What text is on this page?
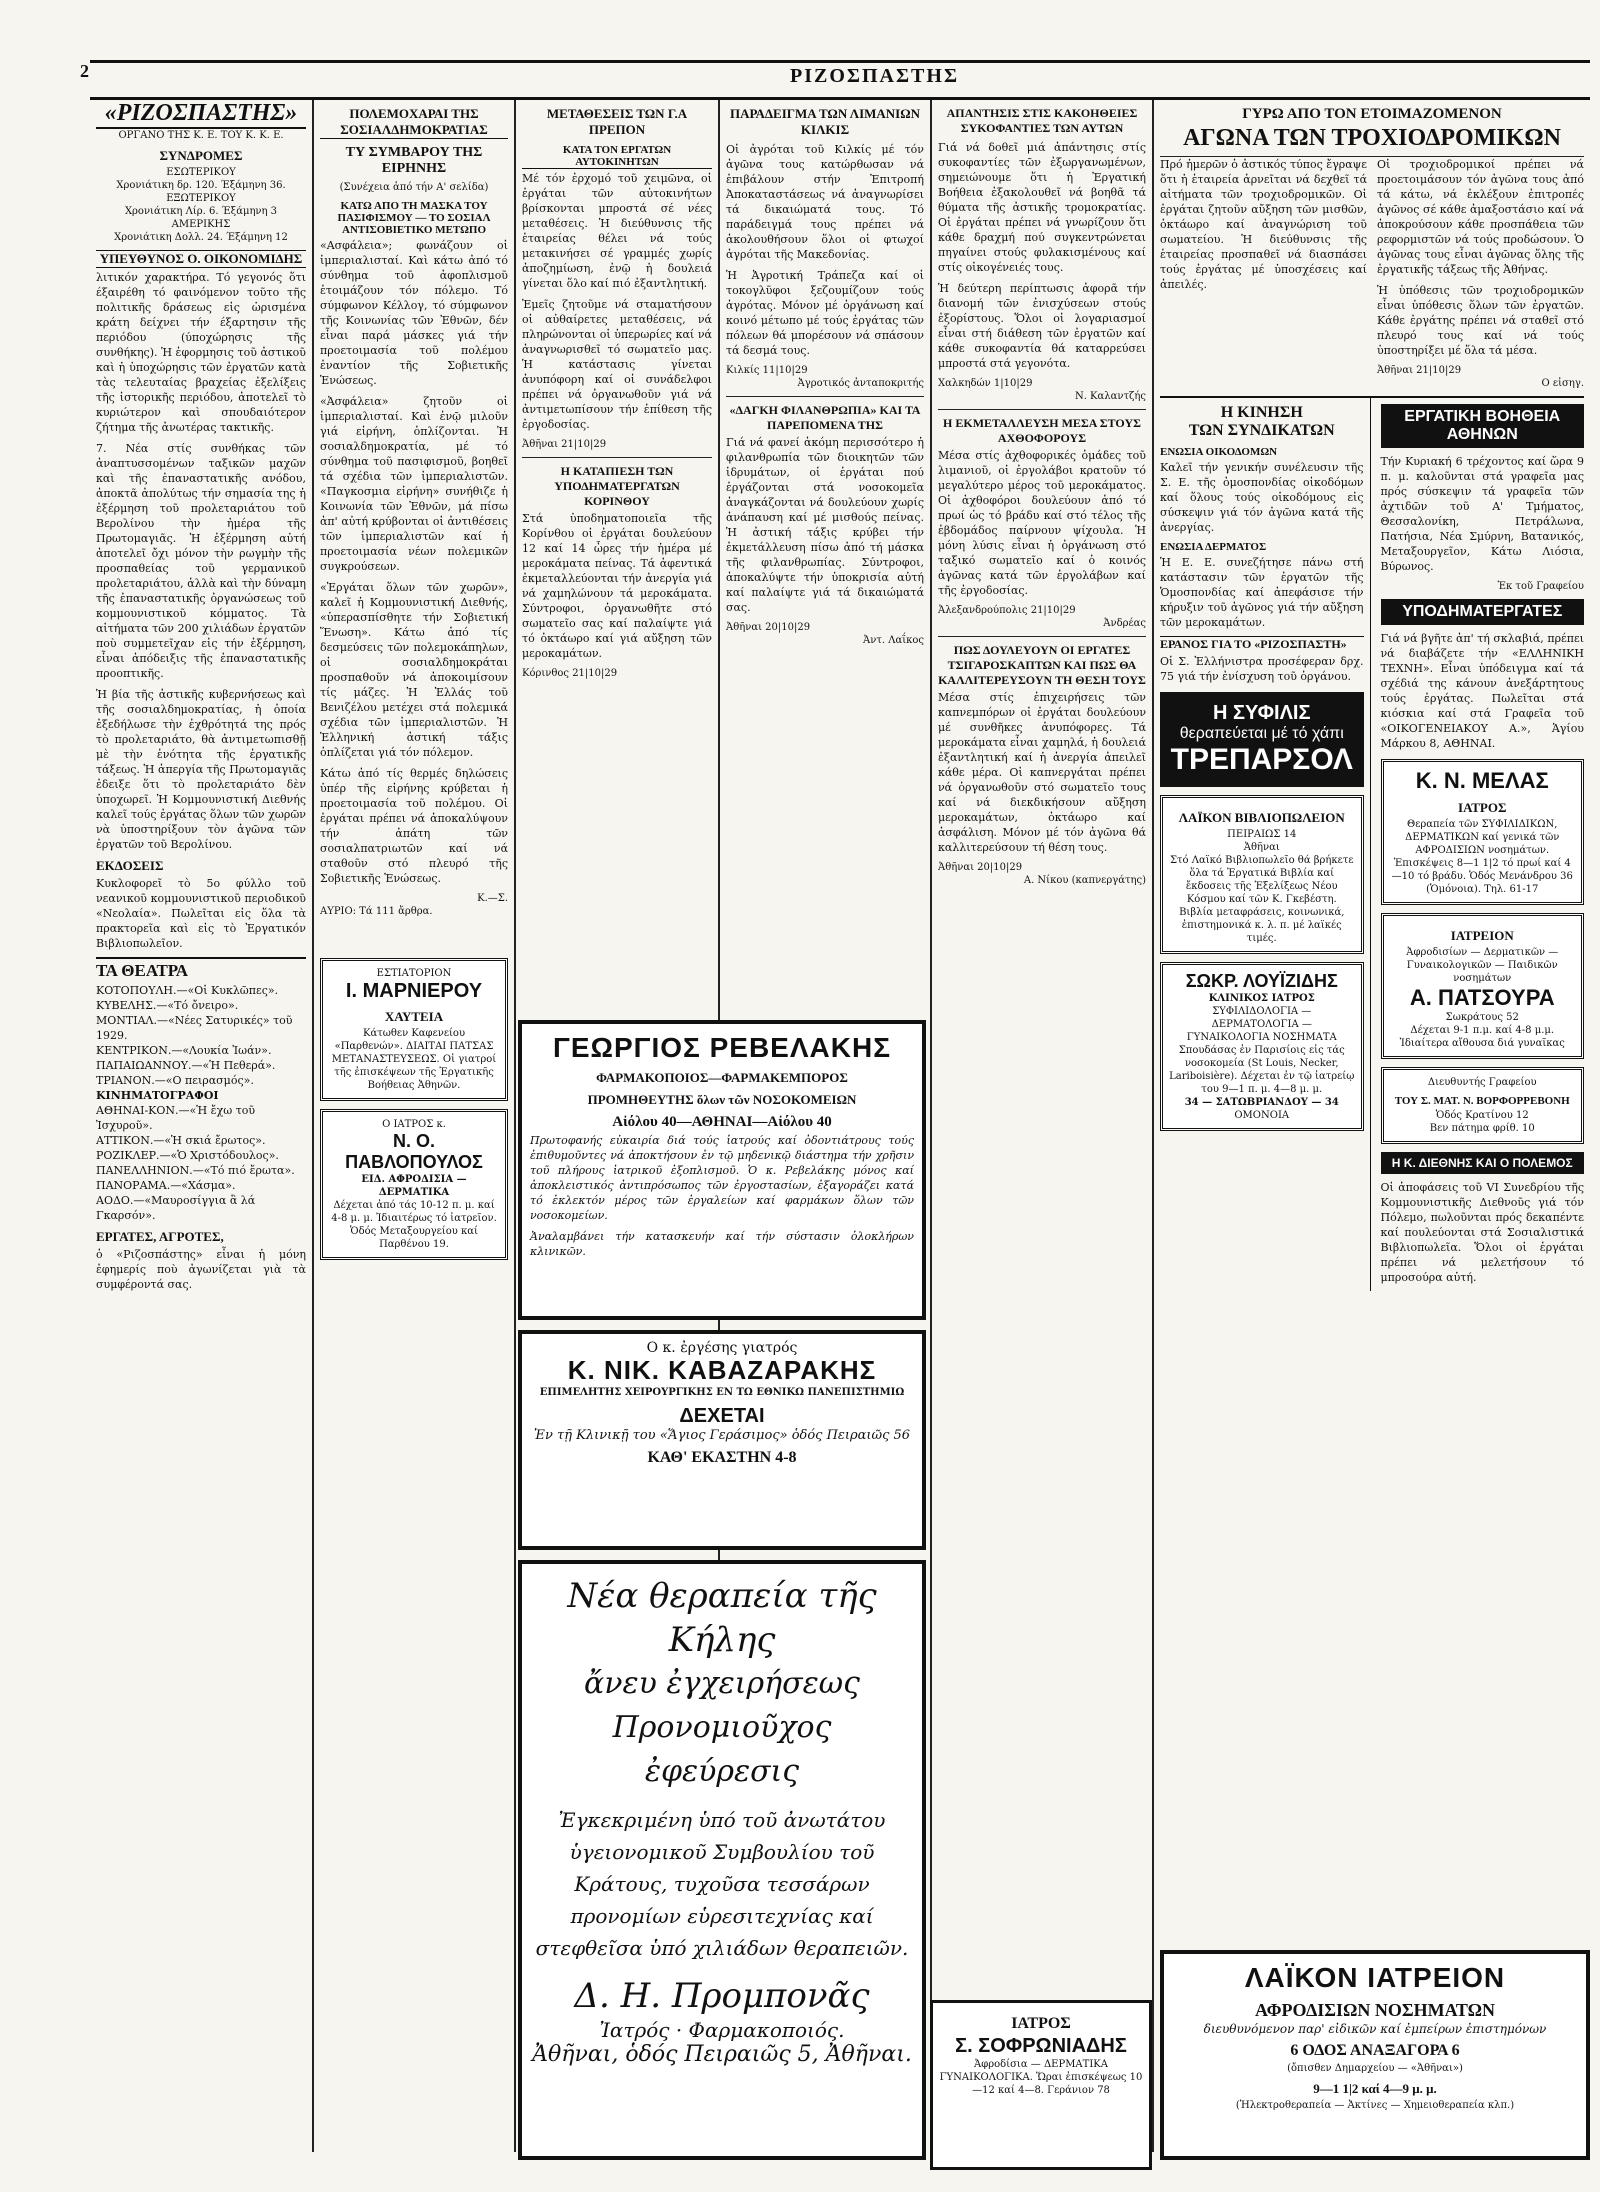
2	ΡΙΖΟΣΠΑΣΤΗΣ
«ΡΙΖΟΣΠΑΣΤΗΣ»
ΟΡΓΑΝΟ ΤΗΣ Κ. Ε. ΤΟΥ Κ. Κ. Ε.
ΣΥΝΔΡΟΜΕΣ
ΕΣΩΤΕΡΙΚΟΥ
Χρονιάτικη δρ. 120. Έξάμηνη 36.
ΕΞΩΤΕΡΙΚΟΥ
Χρονιάτικη Λίρ. 6. Έξάμηνη 3
ΑΜΕΡΙΚΗΣ
Χρονιάτικη Δολλ. 24. Έξάμηνη 12
ΥΠΕΥΘΥΝΟΣ Ο. ΟΙΚΟΝΟΜΙΔΗΣ

λιτικόν χαρακτήρα. Τό γεγονός ὅτι έξαιρέθη τό φαινόμενον τοῦτο τῆς πολιτικῆς δράσεως εἰς ὡρισμένα κράτη δείχνει τήν έξαρτησιν τῆς περιόδου (ύποχώρησις τῆς συνθήκης). Ἡ ἐφορμησις τοῦ ἀστικοῦ καὶ ἡ ὑποχώρησις τῶν ἐργατῶν κατὰ τὰς τελευταίας βραχείας ἐξελίξεις τῆς ἰστορικῆς περιόδου, ἀποτελεῖ τὸ κυριώτερον καὶ σπουδαιότερον ζήτημα τῆς ἀνωτέρας τακτικῆς.

7. Νέα στίς συνθήκας τῶν ἀναπτυσσομένων ταξικῶν μαχῶν καὶ τῆς ἐπαναστατικῆς ανόδου, ἀποκτᾶ ἀπολύτως τήν σημασία της ἡ ἐξέρμηση τοῦ προλεταριάτου τοῦ Βερολίνου τὴν ἡμέρα τῆς Πρωτομαγιᾶς. Ἡ ἐξέρμηση αὐτή ἀποτελεῖ ὄχι μόνον τὴν ρωγμὴν τῆς προσπαθείας τοῦ γερμανικοῦ προλεταριάτου, ἀλλὰ καὶ τὴν δύναμη τῆς ἐπαναστατικῆς ὀργανώσεως τοῦ κομμουνιστικοῦ κόμματος. Τὰ αἰτήματα τῶν 200 χιλιάδων ἐργατῶν ποὺ συμμετεῖχαν εἰς τήν ἐξέρμηση, εἶναι ἀπόδειξις τῆς ἐπαναστατικῆς προοπτικῆς.

Ἡ βία τῆς ἀστικῆς κυβερνήσεως καὶ τῆς σοσιαλδημοκρατίας, ἡ ὁποία ἐξεδήλωσε τὴν ἐχθρότητά της πρός τὸ προλεταριάτο, θὰ ἀντιμετωπισθῇ μὲ τὴν ἑνότητα τῆς ἐργατικῆς τάξεως. Ἡ ἀπεργία τῆς Πρωτομαγιᾶς ἐδειξε ὅτι τὸ προλεταριάτο δὲν ὑποχωρεῖ. Ἡ Κομμουνιστική Διεθνής καλεῖ τούς ἐργάτας ὅλων τῶν χωρῶν νὰ ὑποστηρίξουν τὸν ἀγῶνα τῶν ἐργατῶν τοῦ Βερολίνου.

ΕΚΔΟΣΕΙΣ

Κυκλοφορεῖ τὸ 5ο φύλλο τοῦ νεανικοῦ κομμουνιστικοῦ περιοδικοῦ «Νεολαία». Πωλεῖται εἰς ὅλα τὰ πρακτορεῖα καὶ εἰς τὸ Ἐργατικόν Βιβλιοπωλεῖον.

ΤΑ ΘΕΑΤΡΑ
ΚΟΤΟΠΟΥΛΗ.—«Οἱ Κυκλῶπες».
ΚΥΒΕΛΗΣ.—«Τό ὄνειρο».
ΜΟΝΤΙΑΛ.—«Νέες Σατυρικές» τοῦ 1929.
ΚΕΝΤΡΙΚΟΝ.—«Λουκία Ἰωάν».
ΠΑΠΑΙΩΑΝΝΟΥ.—«Ἡ Πεθερά».
ΤΡΙΑΝΟΝ.—«Ο πειρασμός».
ΚΙΝΗΜΑΤΟΓΡΑΦΟΙ
ΑΘΗΝΑΙ-ΚΟΝ.—«Ἡ ἔχω τοῦ Ἰσχυροῦ».
ΑΤΤΙΚΟΝ.—«Ἡ σκιά ἔρωτος».
ΡΟΖΙΚΛΕΡ.—«Ὁ Χριστόδουλος».
ΠΑΝΕΛΛΗΝΙΟΝ.—«Τό πιό ἔρωτα».
ΠΑΝΟΡΑΜΑ.—«Χάσμα».
ΑΟΔΟ.—«Μαυροσίγγια ἃ λά Γκαρσόν».
ΕΡΓΑΤΕΣ, ΑΓΡΟΤΕΣ,

ὁ «Ριζοσπάστης» εἶναι ἡ μόνη ἐφημερίς ποὺ ἀγωνίζεται γιὰ τὰ συμφέροντά σας.

ΠΟΛΕΜΟΧΑΡΑΙ ΤΗΣ ΣΟΣΙΑΛΔΗΜΟΚΡΑΤΙΑΣ
ΤΥ ΣΥΜΒΑΡΟΥ ΤΗΣ ΕΙΡΗΝΗΣ
(Συνέχεια ἀπό τήν Α' σελίδα)
ΚΑΤΩ ΑΠΟ ΤΗ ΜΑΣΚΑ ΤΟΥ ΠΑΣΙΦΙΣΜΟΥ — ΤΟ ΣΟΣΙΑΛ ΑΝΤΙΣΟΒΙΕΤΙΚΟ ΜΕΤΩΠΟ

«Ασφάλεια»; φωνάζουν οἱ ἰμπεριαλισταί. Καὶ κάτω ἀπό τό σύνθημα τοῦ ἀφοπλισμοῦ ἑτοιμάζουν τόν πόλεμο. Τό σύμφωνον Κέλλογ, τό σύμφωνον τῆς Κοινωνίας τῶν Ἐθνῶν, δέν εἶναι παρά μάσκες γιά τήν προετοιμασία τοῦ πολέμου ἐναντίον τῆς Σοβιετικῆς Ἑνώσεως.

«Ἀσφάλεια» ζητοῦν οἱ ἰμπεριαλισταί. Καὶ ἐνῷ μιλοῦν γιά εἰρήνη, ὁπλίζονται. Ἡ σοσιαλδημοκρατία, μέ τό σύνθημα τοῦ πασιφισμοῦ, βοηθεῖ τά σχέδια τῶν ἰμπεριαλιστῶν. «Παγκοσμια εἰρήνη» συνήθιζε ἡ Κοινωνία τῶν Ἐθνῶν, μά πίσω ἀπ' αὐτή κρύβονται οἱ ἀντιθέσεις τῶν ἰμπεριαλιστῶν καί ἡ προετοιμασία νέων πολεμικῶν συγκρούσεων.

«Ἐργάται ὅλων τῶν χωρῶν», καλεῖ ἡ Κομμουνιστική Διεθνής, «ὑπερασπίσθητε τήν Σοβιετική Ἕνωση». Κάτω ἀπό τίς δεσμεύσεις τῶν πολεμοκάπηλων, οἱ σοσιαλδημοκράται προσπαθοῦν νά ἀποκοιμίσουν τίς μάζες. Ἡ Ἑλλάς τοῦ Βενιζέλου μετέχει στά πολεμικά σχέδια τῶν ἰμπεριαλιστῶν. Ἡ Ἑλληνική ἀστική τάξις ὁπλίζεται γιά τόν πόλεμον.

Κάτω ἀπό τίς θερμές δηλώσεις ὑπέρ τῆς εἰρήνης κρύβεται ἡ προετοιμασία τοῦ πολέμου. Οἱ ἐργάται πρέπει νά ἀποκαλύψουν τήν ἀπάτη τῶν σοσιαλπατριωτῶν καί νά σταθοῦν στό πλευρό τῆς Σοβιετικῆς Ἑνώσεως.

Κ.—Σ.
ΑΥΡΙΟ: Τά 111 ἄρθρα.
ΕΣΤΙΑΤΟΡΙΟΝ
Ι. ΜΑΡΝΙΕΡΟΥ
ΧΑΥΤΕΙΑ
Κάτωθεν Καφενείου «Παρθενών». ΔΙΑΙΤΑΙ ΠΑΤΣΑΣ ΜΕΤΑΝΑΣΤΕΥΣΕΩΣ. Οἱ γιατροί τῆς ἐπισκέψεων τῆς Ἐργατικῆς Βοήθειας Ἀθηνῶν.
Ο ΙΑΤΡΟΣ κ.
Ν. Ο. ΠΑΒΛΟΠΟΥΛΟΣ
ΕΙΔ. ΑΦΡΟΔΙΣΙΑ — ΔΕΡΜΑΤΙΚΑ
Δέχεται ἀπό τάς 10-12 π. μ. καί 4-8 μ. μ. Ἰδιαιτέρως τό ἰατρεῖον. Ὁδός Μεταξουργείου καί Παρθένου 19.
ΜΕΤΑΘΕΣΕΙΣ ΤΩΝ Γ.Α ΠΡΕΠΟΝ
ΚΑΤΑ ΤΟΝ ΕΡΓΑΤΩΝ ΑΥΤΟΚΙΝΗΤΩΝ

Μέ τόν ἐρχομό τοῦ χειμῶνα, οἱ ἐργάται τῶν αὐτοκινήτων βρίσκονται μπροστά σέ νέες μεταθέσεις. Ἡ διεύθυνσις τῆς ἑταιρείας θέλει νά τούς μετακινήσει σέ γραμμές χωρίς ἀποζημίωση, ἐνῷ ἡ δουλειά γίνεται ὅλο καί πιό ἐξαντλητική.

Ἐμεῖς ζητοῦμε νά σταματήσουν οἱ αὐθαίρετες μεταθέσεις, νά πληρώνονται οἱ ὑπερωρίες καί νά ἀναγνωρισθεῖ τό σωματεῖο μας. Ἡ κατάστασις γίνεται ἀνυπόφορη καί οἱ συνάδελφοι πρέπει νά ὀργανωθοῦν γιά νά ἀντιμετωπίσουν τήν ἐπίθεση τῆς ἐργοδοσίας.

Ἀθῆναι 21|10|29
Η ΚΑΤΑΠΙΕΣΗ ΤΩΝ ΥΠΟΔΗΜΑΤΕΡΓΑΤΩΝ ΚΟΡΙΝΘΟΥ

Στά ὑποδηματοποιεῖα τῆς Κορίνθου οἱ ἐργάται δουλεύουν 12 καί 14 ὧρες τήν ἡμέρα μέ μεροκάματα πείνας. Τά ἀφεντικά ἐκμεταλλεύονται τήν ἀνεργία γιά νά χαμηλώνουν τά μεροκάματα. Σύντροφοι, ὀργανωθῆτε στό σωματεῖο σας καί παλαίψτε γιά τό ὀκτάωρο καί γιά αὔξηση τῶν μεροκαμάτων.

Κόρινθος 21|10|29
ΠΑΡΑΔΕΙΓΜΑ ΤΩΝ ΛΙΜΑΝΙΩΝ ΚΙΛΚΙΣ

Οἱ ἀγρόται τοῦ Κιλκίς μέ τόν ἀγῶνα τους κατώρθωσαν νά ἐπιβάλουν στήν Ἐπιτροπή Ἀποκαταστάσεως νά ἀναγνωρίσει τά δικαιώματά τους. Τό παράδειγμά τους πρέπει νά ἀκολουθήσουν ὅλοι οἱ φτωχοί ἀγρόται τῆς Μακεδονίας.

Ἡ Ἀγροτική Τράπεζα καί οἱ τοκογλῦφοι ξεζουμίζουν τούς ἀγρότας. Μόνον μέ ὀργάνωση καί κοινό μέτωπο μέ τούς ἐργάτας τῶν πόλεων θά μπορέσουν νά σπάσουν τά δεσμά τους.

Κιλκίς 11|10|29
Ἀγροτικός ἀνταποκριτής
«ΔΑΓΚΗ ΦΙΛΑΝΘΡΩΠΙΑ» ΚΑΙ ΤΑ ΠΑΡΕΠΟΜΕΝΑ ΤΗΣ

Γιά νά φανεί ἀκόμη περισσότερο ἡ φιλανθρωπία τῶν διοικητῶν τῶν ἱδρυμάτων, οἱ ἐργάται πού ἐργάζονται στά νοσοκομεῖα ἀναγκάζονται νά δουλεύουν χωρίς ἀνάπαυση καί μέ μισθούς πείνας. Ἡ ἀστική τάξις κρύβει τήν ἐκμετάλλευση πίσω ἀπό τή μάσκα τῆς φιλανθρωπίας. Σύντροφοι, ἀποκαλύψτε τήν ὑποκρισία αὐτή καί παλαίψτε γιά τά δικαιώματά σας.

Ἀθῆναι 20|10|29
Ἀντ. Λαΐκος
ΑΠΑΝΤΗΣΙΣ ΣΤΙΣ ΚΑΚΟΗΘΕΙΕΣ ΣΥΚΟΦΑΝΤΙΕΣ ΤΩΝ ΑΥΤΩΝ

Γιά νά δοθεῖ μιά ἀπάντησις στίς συκοφαντίες τῶν ἐξωργανωμένων, σημειώνουμε ὅτι ἡ Ἐργατική Βοήθεια ἐξακολουθεῖ νά βοηθᾶ τά θύματα τῆς ἀστικῆς τρομοκρατίας. Οἱ ἐργάται πρέπει νά γνωρίζουν ὅτι κάθε δραχμή πού συγκεντρώνεται πηγαίνει στούς φυλακισμένους καί στίς οἰκογένειές τους.

Ἡ δεύτερη περίπτωσις ἀφορᾶ τήν διανομή τῶν ἐνισχύσεων στούς ἐξορίστους. Ὅλοι οἱ λογαριασμοί εἶναι στή διάθεση τῶν ἐργατῶν καί κάθε συκοφαντία θά καταρρεύσει μπροστά στά γεγονότα.

Χαλκηδών 1|10|29
Ν. Καλαντζής
Η ΕΚΜΕΤΑΛΛΕΥΣΗ ΜΕΣΑ ΣΤΟΥΣ ΑΧΘΟΦΟΡΟΥΣ

Μέσα στίς ἀχθοφορικές ὁμάδες τοῦ λιμανιοῦ, οἱ ἐργολάβοι κρατοῦν τό μεγαλύτερο μέρος τοῦ μεροκάματος. Οἱ ἀχθοφόροι δουλεύουν ἀπό τό πρωί ὡς τό βράδυ καί στό τέλος τῆς ἑβδομάδος παίρνουν ψίχουλα. Ἡ μόνη λύσις εἶναι ἡ ὀργάνωση στό ταξικό σωματεῖο καί ὁ κοινός ἀγῶνας κατά τῶν ἐργολάβων καί τῆς ἐργοδοσίας.

Ἀλεξανδρούπολις 21|10|29
Ἀνδρέας
ΠΩΣ ΔΟΥΛΕΥΟΥΝ ΟΙ ΕΡΓΑΤΕΣ ΤΣΙΓΑΡΟΣΚΑΠΤΩΝ ΚΑΙ ΠΩΣ ΘΑ ΚΑΛΛΙΤΕΡΕΥΣΟΥΝ ΤΗ ΘΕΣΗ ΤΟΥΣ

Μέσα στίς ἐπιχειρήσεις τῶν καπνεμπόρων οἱ ἐργάται δουλεύουν μέ συνθῆκες ἀνυπόφορες. Τά μεροκάματα εἶναι χαμηλά, ἡ δουλειά ἐξαντλητική καί ἡ ἀνεργία ἀπειλεῖ κάθε μέρα. Οἱ καπνεργάται πρέπει νά ὀργανωθοῦν στό σωματεῖο τους καί νά διεκδικήσουν αὔξηση μεροκαμάτων, ὀκτάωρο καί ἀσφάλιση. Μόνον μέ τόν ἀγῶνα θά καλλιτερεύσουν τή θέση τους.

Ἀθῆναι 20|10|29
Α. Νίκου (καπνεργάτης)
ΓΥΡΩ ΑΠΟ ΤΟΝ ΕΤΟΙΜΑΖΟΜΕΝΟΝ
ΑΓΩΝΑ ΤΩΝ ΤΡΟΧΙΟΔΡΟΜΙΚΩΝ

Πρό ἡμερῶν ὁ ἀστικός τύπος ἔγραψε ὅτι ἡ ἑταιρεία ἀρνεῖται νά δεχθεῖ τά αἰτήματα τῶν τροχιοδρομικῶν. Οἱ ἐργάται ζητοῦν αὔξηση τῶν μισθῶν, ὀκτάωρο καί ἀναγνώριση τοῦ σωματείου. Ἡ διεύθυνσις τῆς ἑταιρείας προσπαθεῖ νά διασπάσει τούς ἐργάτας μέ ὑποσχέσεις καί ἀπειλές.

Οἱ τροχιοδρομικοί πρέπει νά προετοιμάσουν τόν ἀγῶνα τους ἀπό τά κάτω, νά ἐκλέξουν ἐπιτροπές ἀγῶνος σέ κάθε ἀμαξοστάσιο καί νά ἀποκρούσουν κάθε προσπάθεια τῶν ρεφορμιστῶν νά τούς προδώσουν. Ὁ ἀγῶνας τους εἶναι ἀγῶνας ὅλης τῆς ἐργατικῆς τάξεως τῆς Ἀθήνας.

Ἡ ὑπόθεσις τῶν τροχιοδρομικῶν εἶναι ὑπόθεσις ὅλων τῶν ἐργατῶν. Κάθε ἐργάτης πρέπει νά σταθεῖ στό πλευρό τους καί νά τούς ὑποστηρίξει μέ ὅλα τά μέσα.

Ἀθῆναι 21|10|29
Ο εἰσηγ.
Η ΚΙΝΗΣΗ
ΤΩΝ ΣΥΝΔΙΚΑΤΩΝ
ΕΝΩΣΙΑ ΟΙΚΟΔΟΜΩΝ

Καλεῖ τήν γενικήν συνέλευσιν τῆς Σ. Ε. τῆς ὁμοσπονδίας οἰκοδόμων καί ὅλους τούς οἰκοδόμους εἰς σύσκεψιν γιά τόν ἀγῶνα κατά τῆς ἀνεργίας.

ΕΝΩΣΙΑ ΔΕΡΜΑΤΟΣ

Ἡ Ε. Ε. συνεζήτησε πάνω στή κατάστασιν τῶν ἐργατῶν τῆς Ὁμοσπονδίας καί ἀπεφάσισε τήν κήρυξιν τοῦ ἀγῶνος γιά τήν αὔξηση τῶν μεροκαμάτων.

ΕΡΑΝΟΣ ΓΙΑ ΤΟ «ΡΙΖΟΣΠΑΣΤΗ»

Οἱ Σ. Ἐλλήνιστρα προσέφεραν δρχ. 75 γιά τήν ἐνίσχυση τοῦ ὀργάνου.

Η ΣΥΦΙΛΙΣ
θεραπεύεται μέ τό χάπι
ΤΡΕΠΑΡΣΟΛ
ΛΑΪΚΟΝ ΒΙΒΛΙΟΠΩΛΕΙΟΝ
ΠΕΙΡΑΙΩΣ 14
Ἀθῆναι
Στό Λαϊκό Βιβλιοπωλεῖο θά βρήκετε ὅλα τά Ἐργατικά Βιβλία καί ἔκδοσεις τῆς Ἐξελίξεως Νέου Κόσμου καί τῶν Κ. Γκεβέστη. Βιβλία μεταφράσεις, κοινωνικά, ἐπιστημονικά κ. λ. π. μέ λαϊκές τιμές.
ΣΩΚΡ. ΛΟΥΪΖΙΔΗΣ
ΚΛΙΝΙΚΟΣ ΙΑΤΡΟΣ
ΣΥΦΙΛΙΔΟΛΟΓΙΑ — ΔΕΡΜΑΤΟΛΟΓΙΑ — ΓΥΝΑΙΚΟΛΟΓΙΑ ΝΟΣΗΜΑΤΑ
Σπουδάσας ἐν Παρισίοις εἰς τάς νοσοκομεία (St Louis, Necker, Lariboisière). Δέχεται ἐν τῷ ἰατρείῳ του 9—1 π. μ. 4—8 μ. μ.
34 — ΣΑΤΩΒΡΙΑΝΔΟΥ — 34
ΟΜΟΝΟΙΑ
ΕΡΓΑΤΙΚΗ ΒΟΗΘΕΙΑ ΑΘΗΝΩΝ

Τήν Κυριακή 6 τρέχοντος καί ὥρα 9 π. μ. καλοῦνται στά γραφεῖα μας πρός σύσκεψιν τά γραφεῖα τῶν ἀχτιδῶν τοῦ Α' Τμήματος, Θεσσαλονίκη, Πετράλωνα, Πατήσια, Νέα Σμύρνη, Βατανικός, Μεταξουργεῖον, Κάτω Λιόσια, Βύρωνος.

Ἐκ τοῦ Γραφείου
ΥΠΟΔΗΜΑΤΕΡΓΑΤΕΣ

Γιά νά βγῆτε ἀπ' τή σκλαβιά, πρέπει νά διαβάζετε τήν «ΕΛΛΗΝΙΚΗ ΤΕΧΝΗ». Εἶναι ὑπόδειγμα καί τά σχέδιά της κάνουν ἀνεξάρτητους τούς ἐργάτας. Πωλεῖται στά κιόσκια καί στά Γραφεῖα τοῦ «ΟΙΚΟΓΕΝΕΙΑΚΟΥ Α.», Ἁγίου Μάρκου 8, ΑΘΗΝΑΙ.

Κ. Ν. ΜΕΛΑΣ
ΙΑΤΡΟΣ
Θεραπεία τῶν ΣΥΦΙΛΙΔΙΚΩΝ, ΔΕΡΜΑΤΙΚΩΝ καί γενικά τῶν ΑΦΡΟΔΙΣΙΩΝ νοσημάτων. Ἐπισκέψεις 8—1 1|2 τό πρωί καί 4—10 τό βράδυ. Ὁδός Μενάνδρου 36 (Ὁμόνοια). Τηλ. 61-17
ΙΑΤΡΕΙΟΝ
Ἀφροδισίων — Δερματικῶν — Γυναικολογικῶν — Παιδικῶν νοσημάτων
Α. ΠΑΤΣΟΥΡΑ
Σωκράτους 52
Δέχεται 9-1 π.μ. καί 4-8 μ.μ. Ἰδιαίτερα αἴθουσα διά γυναῖκας
Διευθυντής Γραφείου
ΤΟΥ Σ. ΜΑΤ. Ν. ΒΟΡΦΟΡΡΕΒΟΝΗ
Ὁδός Κρατίνου 12
Βεν πάτημα φρίθ. 10
Η Κ. ΔΙΕΘΝΗΣ ΚΑΙ Ο ΠΟΛΕΜΟΣ

Οἱ ἀποφάσεις τοῦ VI Συνεδρίου τῆς Κομμουνιστικῆς Διεθνοῦς γιά τόν Πόλεμο, πωλοῦνται πρός δεκαπέντε καί πουλεύονται στά Σοσιαλιστικά Βιβλιοπωλεῖα. Ὅλοι οἱ ἐργάται πρέπει νά μελετήσουν τό μπροσούρα αὐτή.

ΓΕΩΡΓΙΟΣ ΡΕΒΕΛΑΚΗΣ
ΦΑΡΜΑΚΟΠΟΙΟΣ—ΦΑΡΜΑΚΕΜΠΟΡΟΣ
ΠΡΟΜΗΘΕΥΤΗΣ ὅλων τῶν ΝΟΣΟΚΟΜΕΙΩΝ
Αἰόλου 40—ΑΘΗΝΑΙ—Αἰόλου 40

Πρωτοφανής εὐκαιρία διά τούς ἰατρούς καί ὀδοντιάτρους τούς ἐπιθυμοῦντες νά ἀποκτήσουν ἐν τῷ μηδενικῷ διάστημα τήν χρῆσιν τοῦ πλήρους ἰατρικοῦ ἐξοπλισμοῦ. Ὁ κ. Ρεβελάκης μόνος καί ἀποκλειστικός ἀντιπρόσωπος τῶν ἐργοστασίων, ἐξαγοράζει κατά τό ἐκλεκτόν μέρος τῶν ἐργαλείων καί φαρμάκων ὅλων τῶν νοσοκομείων.

Ἀναλαμβάνει τήν κατασκευήν καί τήν σύστασιν ὁλοκλήρων κλινικῶν.

Ο κ. ἐργέσης γιατρός
Κ. ΝΙΚ. ΚΑΒΑΖΑΡΑΚΗΣ
ΕΠΙΜΕΛΗΤΗΣ ΧΕΙΡΟΥΡΓΙΚΗΣ ΕΝ ΤΩ ΕΘΝΙΚΩ ΠΑΝΕΠΙΣΤΗΜΙΩ
ΔΕΧΕΤΑΙ
Ἐν τῇ Κλινικῇ του «Ἅγιος Γεράσιμος» ὁδός Πειραιῶς 56
ΚΑΘ' ΕΚΑΣΤΗΝ 4-8
Νέα θεραπεία τῆς Κήλης
ἄνευ ἐγχειρήσεως
Προνομιοῦχος ἐφεύρεσις

Ἐγκεκριμένη ὑπό τοῦ ἀνωτάτου ὑγειονομικοῦ Συμβουλίου τοῦ Κράτους, τυχοῦσα τεσσάρων προνομίων εὑρεσιτεχνίας καί στεφθεῖσα ὑπό χιλιάδων θεραπειῶν.

Δ. Η. Προμπονᾶς
Ἰατρός · Φαρμακοποιός.
Ἀθῆναι, ὁδός Πειραιῶς 5, Ἀθῆναι.
ΙΑΤΡΟΣ
Σ. ΣΟΦΡΩΝΙΑΔΗΣ
Ἀφροδίσια — ΔΕΡΜΑΤΙΚΑ ΓΥΝΑΙΚΟΛΟΓΙΚΑ. Ὥραι ἐπισκέψεως 10—12 καί 4—8. Γεράνιον 78
ΛΑΪΚΟΝ ΙΑΤΡΕΙΟΝ
ΑΦΡΟΔΙΣΙΩΝ ΝΟΣΗΜΑΤΩΝ
διευθυνόμενον παρ' εἰδικῶν καί ἐμπείρων ἐπιστημόνων
6 ΟΔΟΣ ΑΝΑΞΑΓΟΡΑ 6
(ὄπισθεν Δημαρχείου — «Ἀθῆναι»)
9—1 1|2 καί 4—9 μ. μ.
(Ἠλεκτροθεραπεία — Ἀκτίνες — Χημειοθεραπεία κλπ.)
